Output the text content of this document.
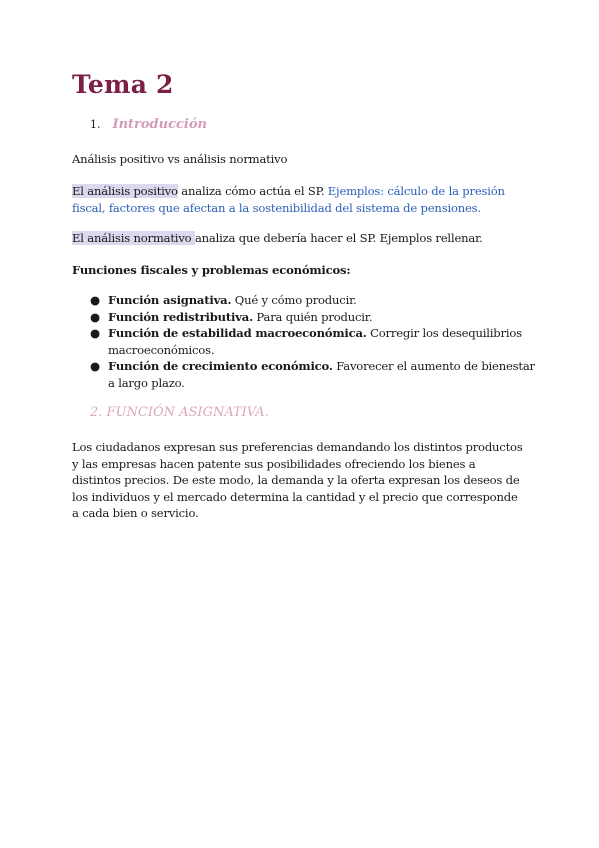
Tema 2
1. Introducción

Análisis positivo vs análisis normativo

El análisis positivo analiza cómo actúa el SP. Ejemplos: cálculo de la presión fiscal, factores que afectan a la sostenibilidad del sistema de pensiones.

El análisis normativo analiza que debería hacer el SP. Ejemplos rellenar.

Funciones fiscales y problemas económicos:

● Función asignativa. Qué y cómo producir.
● Función redistributiva. Para quién producir.
● Función de estabilidad macroeconómica. Corregir los desequilibrios macroeconómicos.
● Función de crecimiento económico. Favorecer el aumento de bienestar a largo plazo.
2. FUNCIÓN ASIGNATIVA.

Los ciudadanos expresan sus preferencias demandando los distintos productos y las empresas hacen patente sus posibilidades ofreciendo los bienes a distintos precios. De este modo, la demanda y la oferta expresan los deseos de los individuos y el mercado determina la cantidad y el precio que corresponde a cada bien o servicio.
